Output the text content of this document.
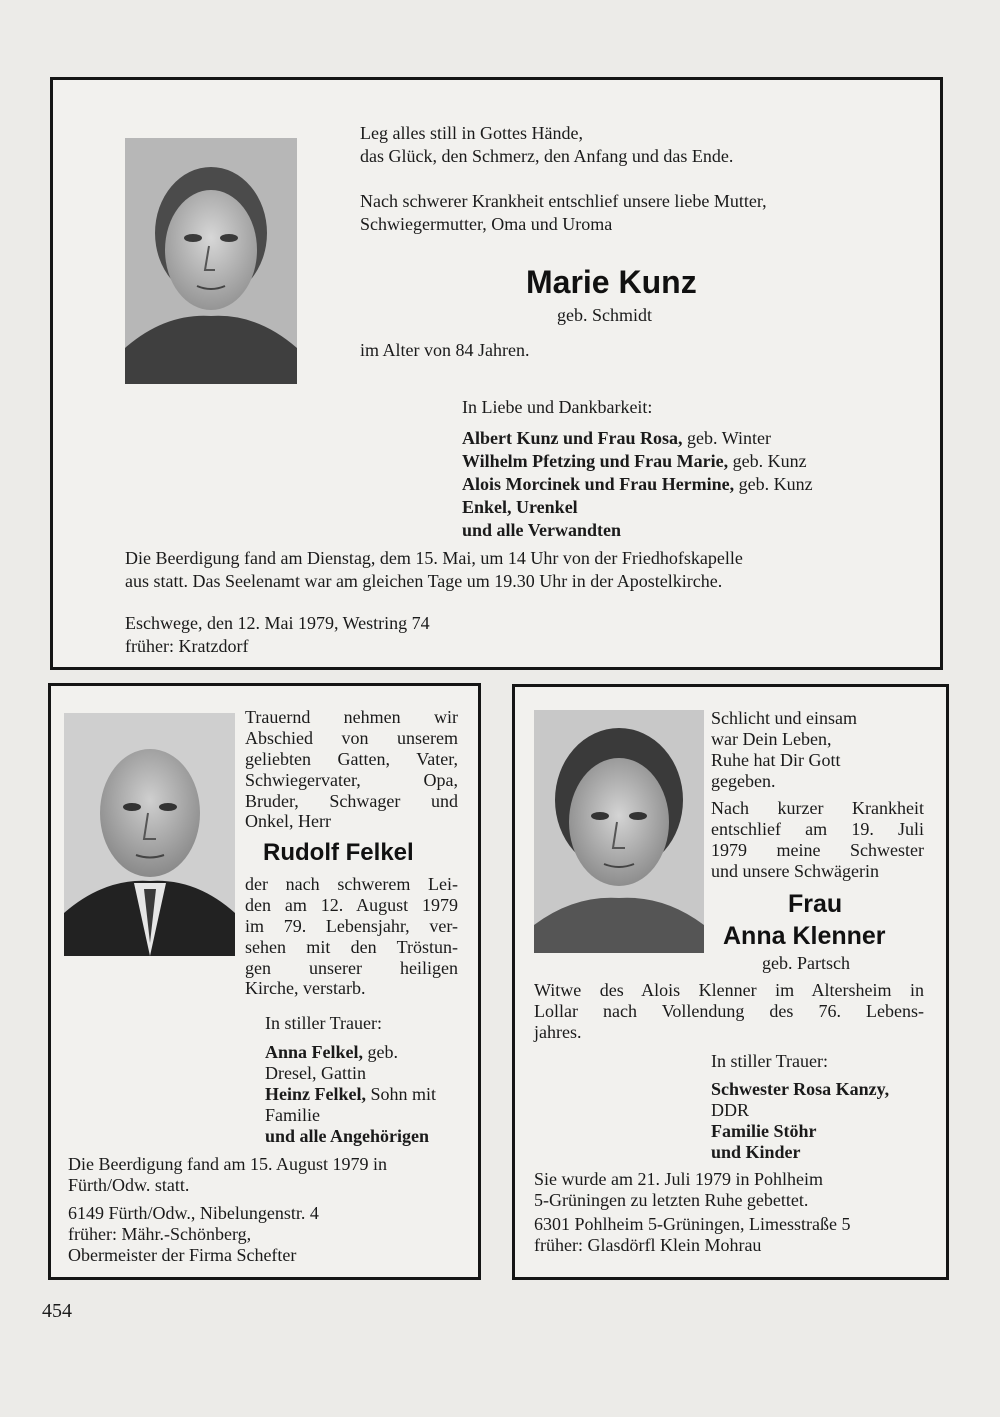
Leg alles still in Gottes Hände,
das Glück, den Schmerz, den Anfang und das Ende.
Nach schwerer Krankheit entschlief unsere liebe Mutter,
Schwiegermutter, Oma und Uroma
Marie Kunz
geb. Schmidt
im Alter von 84 Jahren.
In Liebe und Dankbarkeit:
Albert Kunz und Frau Rosa, geb. Winter
Wilhelm Pfetzing und Frau Marie, geb. Kunz
Alois Morcinek und Frau Hermine, geb. Kunz
Enkel, Urenkel
und alle Verwandten
Die Beerdigung fand am Dienstag, dem 15. Mai, um 14 Uhr von der Friedhofskapelle
aus statt. Das Seelenamt war am gleichen Tage um 19.30 Uhr in der Apostelkirche.
Eschwege, den 12. Mai 1979, Westring 74
früher: Kratzdorf
Trauernd nehmen wir
Abschied von unserem
geliebten Gatten, Vater,
Schwiegervater, Opa,
Bruder, Schwager und
Onkel, Herr
Rudolf Felkel
der nach schwerem Lei-
den am 12. August 1979
im 79. Lebensjahr, ver-
sehen mit den Tröstun-
gen unserer heiligen
Kirche, verstarb.
In stiller Trauer:
Anna Felkel, geb.
Dresel, Gattin
Heinz Felkel, Sohn mit
Familie
und alle Angehörigen
Die Beerdigung fand am 15. August 1979 in
Fürth/Odw. statt.
6149 Fürth/Odw., Nibelungenstr. 4
früher: Mähr.-Schönberg,
Obermeister der Firma Schefter
Schlicht und einsam
war Dein Leben,
Ruhe hat Dir Gott
gegeben.
Nach kurzer Krankheit
entschlief am 19. Juli
1979 meine Schwester
und unsere Schwägerin
Frau
Anna Klenner
geb. Partsch
Witwe des Alois Klenner im Altersheim in
Lollar nach Vollendung des 76. Lebens-
jahres.
In stiller Trauer:
Schwester Rosa Kanzy,
DDR
Familie Stöhr
und Kinder
Sie wurde am 21. Juli 1979 in Pohlheim
5-Grüningen zu letzten Ruhe gebettet.
6301 Pohlheim 5-Grüningen, Limesstraße 5
früher: Glasdörfl Klein Mohrau
454
